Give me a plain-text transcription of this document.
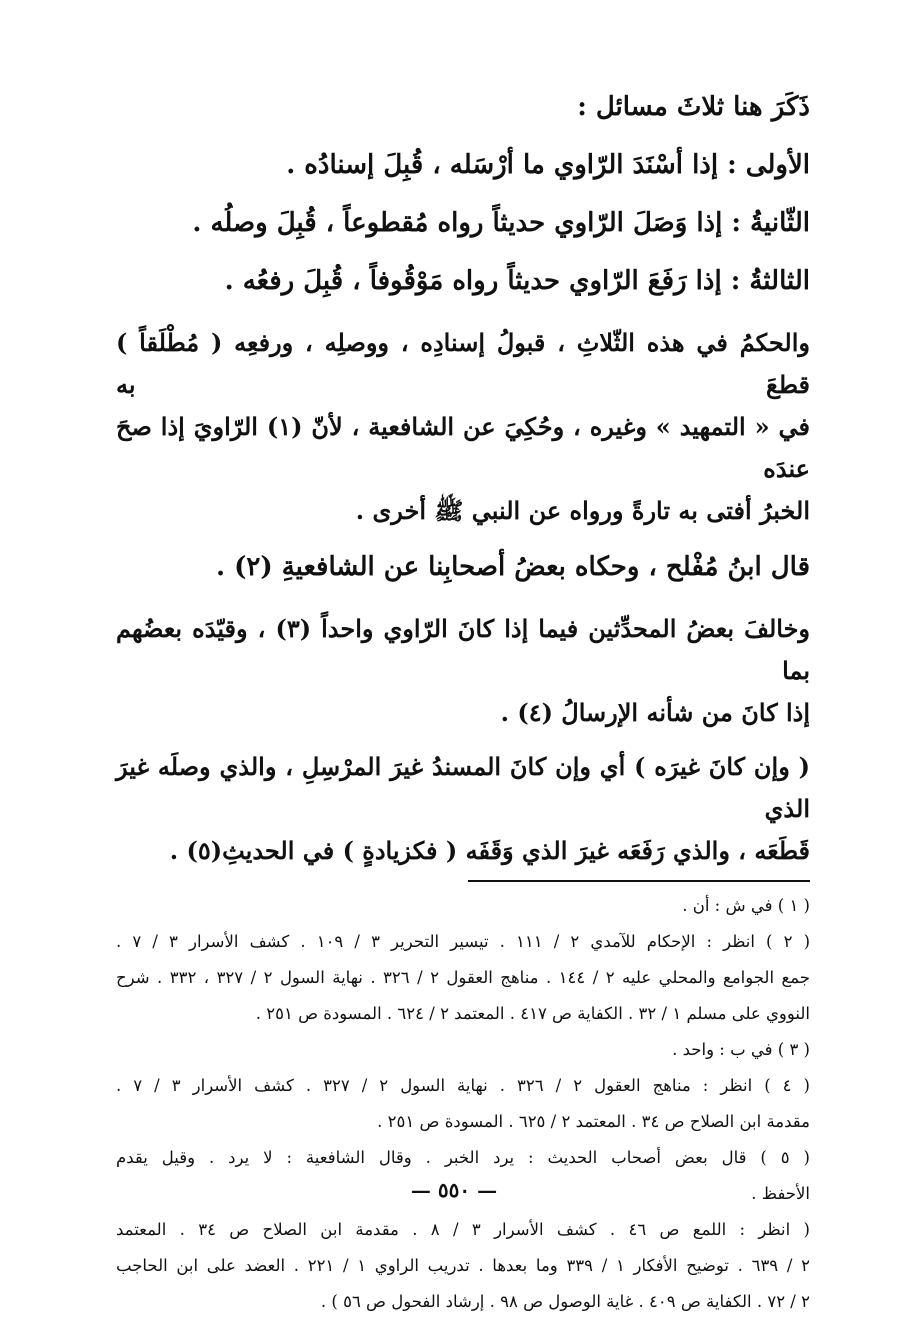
ذَكَرَ هنا ثلاثَ مسائل :

الأولى : إذا أسْنَدَ الرّاوي ما أرْسَله ، قُبِلَ إسنادُه .

الثّانيةُ : إذا وَصَلَ الرّاوي حديثاً رواه مُقطوعاً ، قُبِلَ وصلُه .

الثالثةُ : إذا رَفَعَ الرّاوي حديثاً رواه مَوْقُوفاً ، قُبِلَ رفعُه .

والحكمُ في هذه الثّلاثِ ، قبولُ إسنادِه ، ووصلِه ، ورفعِه ( مُطْلَقاً ) قطعَ به

في « التمهيد » وغيره ، وحُكِيَ عن الشافعية ، لأنّ (١) الرّاويَ إذا صحَ عندَه

الخبرُ أفتى به تارةً ورواه عن النبي ﷺ أخرى .

قال ابنُ مُفْلح ، وحكاه بعضُ أصحابِنا عن الشافعيةِ (٢) .

وخالفَ بعضُ المحدِّثين فيما إذا كانَ الرّاوي واحداً (٣) ، وقيّدَه بعضُهم بما

إذا كانَ من شأنه الإرسالُ (٤) .

( وإن كانَ غيرَه ) أي وإن كانَ المسندُ غيرَ المرْسِلِ ، والذي وصلَه غيرَ الذي

قَطَعَه ، والذي رَفَعَه غيرَ الذي وَقَفَه ( فكزيادةٍ ) في الحديثِ(٥) .

( ١ ) في ش : أن .

( ٢ ) انظر : الإحكام للآمدي ٢ / ١١١ . تيسير التحرير ٣ / ١٠٩ . كشف الأسرار ٣ / ٧ .

جمع الجوامع والمحلي عليه ٢ / ١٤٤ . مناهج العقول ٢ / ٣٢٦ . نهاية السول ٢ / ٣٢٧ ، ٣٣٢ . شرح

النووي على مسلم ١ / ٣٢ . الكفاية ص ٤١٧ . المعتمد ٢ / ٦٢٤ . المسودة ص ٢٥١ .

( ٣ ) في ب : واحد .

( ٤ ) انظر : مناهج العقول ٢ / ٣٢٦ . نهاية السول ٢ / ٣٢٧ . كشف الأسرار ٣ / ٧ .

مقدمة ابن الصلاح ص ٣٤ . المعتمد ٢ / ٦٢٥ . المسودة ص ٢٥١ .

( ٥ ) قال بعض أصحاب الحديث : يرد الخبر . وقال الشافعية : لا يرد . وقيل يقدم

الأحفظ .

( انظر : اللمع ص ٤٦ . كشف الأسرار ٣ / ٨ . مقدمة ابن الصلاح ص ٣٤ . المعتمد

٢ / ٦٣٩ . توضيح الأفكار ١ / ٣٣٩ وما بعدها . تدريب الراوي ١ / ٢٢١ . العضد على ابن الحاجب

٢ / ٧٢ . الكفاية ص ٤٠٩ . غاية الوصول ص ٩٨ . إرشاد الفحول ص ٥٦ ) .

— ٥٥٠ —
